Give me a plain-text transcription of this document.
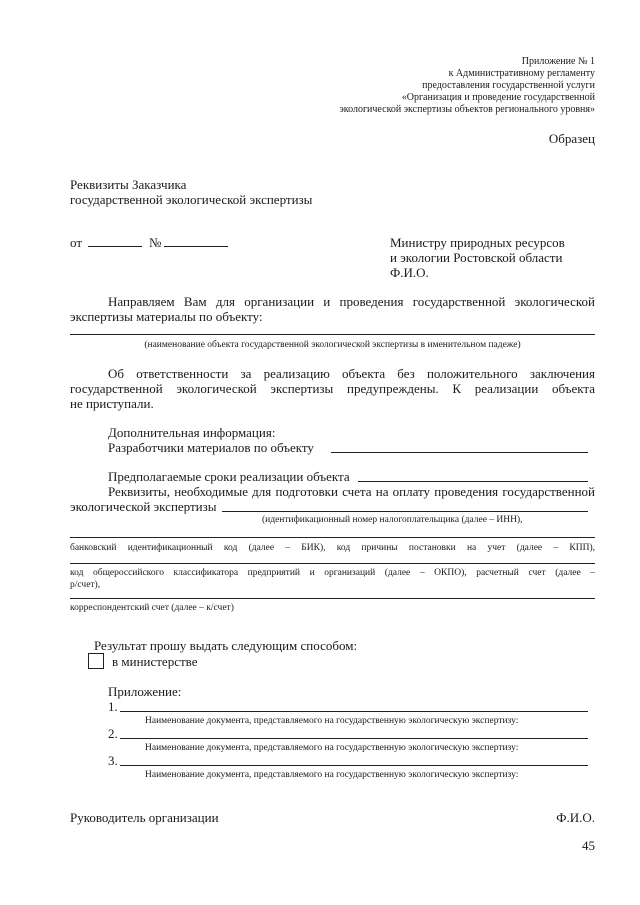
Приложение № 1
к Административному регламенту
предоставления государственной услуги
«Организация и проведение государственной
экологической экспертизы объектов регионального уровня»
Образец
Реквизиты Заказчика
государственной экологической экспертизы
от	№	Министру природных ресурсов
и экологии Ростовской области
Ф.И.О.
Направляем Вам для организации и проведения государственной экологической
экспертизы материалы по объекту:
(наименование объекта государственной экологической экспертизы в именительном падеже)
Об ответственности за реализацию объекта без положительного заключения
государственной экологической экспертизы предупреждены. К реализации объекта
не приступали.
Дополнительная информация:
Разработчики материалов по объекту
Предполагаемые сроки реализации объекта
Реквизиты, необходимые для подготовки счета на оплату проведения государственной
экологической экспертизы
(идентификационный номер налогоплательщика (далее – ИНН),
банковский идентификационный код (далее – БИК), код причины постановки на учет (далее – КПП),
код общероссийского классификатора предприятий и организаций (далее – ОКПО), расчетный счет (далее –
р/счет),
корреспондентский счет (далее – к/счет)
Результат прошу выдать следующим способом:
в министерстве
Приложение:
1.
Наименование документа, представляемого на государственную экологическую экспертизу:
2.
Наименование документа, представляемого на государственную экологическую экспертизу:
3.
Наименование документа, представляемого на государственную экологическую экспертизу:
Руководитель организации	Ф.И.О.
45
